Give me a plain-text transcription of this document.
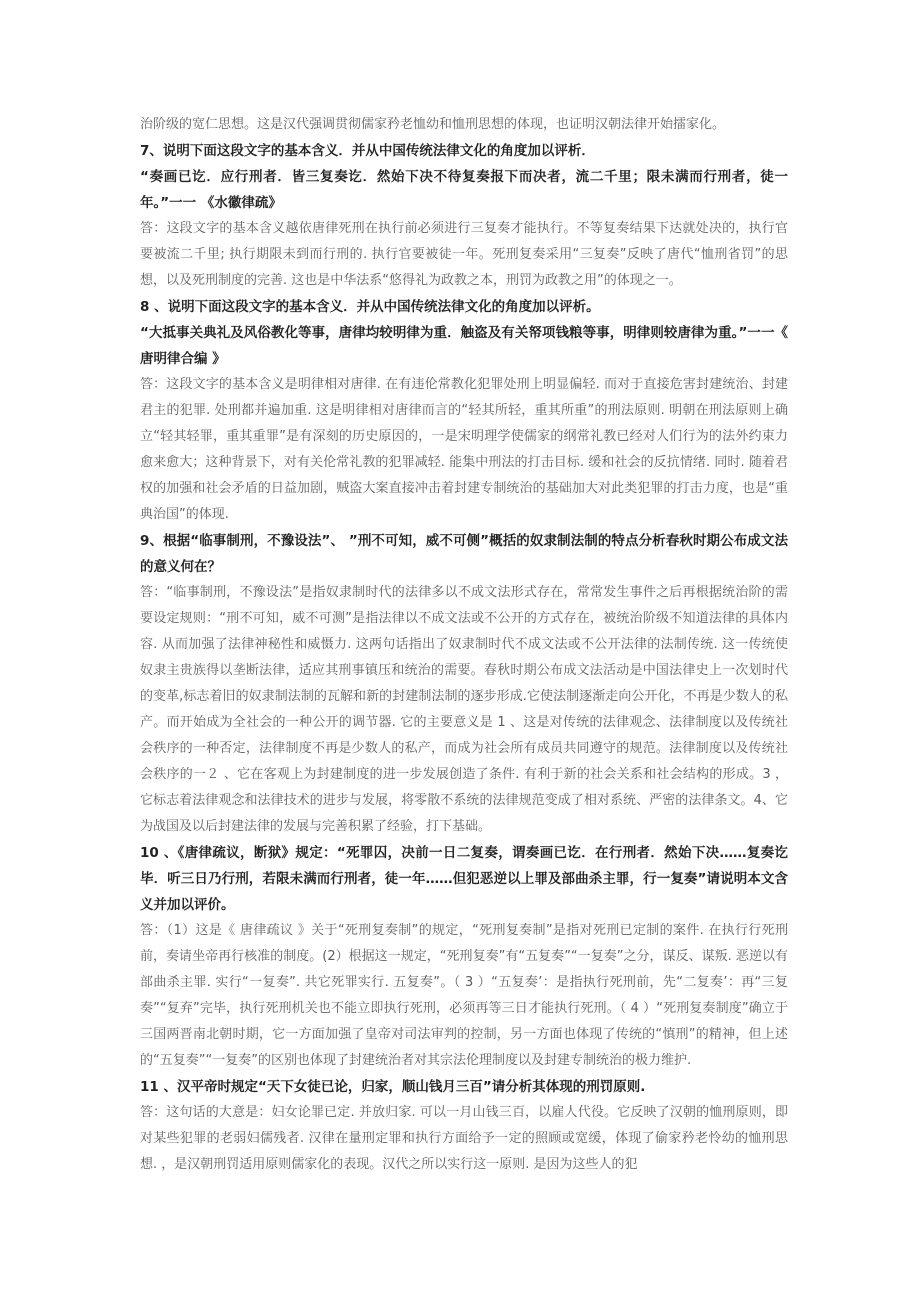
治阶级的宽仁思想。这是汉代强调贯彻儒家矜老恤幼和恤刑思想的体现，也证明汉朝法律开始擂家化。

7、说明下面这段文字的基本含义．并从中国传统法律文化的角度加以评析．

“奏画已讫．应行刑者．皆三复奏讫．然始下决不待复奏报下而决者，流二千里；限未满而行刑者，徒一年。”一一 《水徽律疏》

答：这段文字的基本含义越依唐律死刑在执行前必须进行三复奏才能执行。不等复奏结果下达就处决的，执行官要被流二千里; 执行期限未到而行刑的. 执行官要被徒一年。死刑复奏采用“三复奏”反映了唐代“恤刑省罚”的思想，以及死刑制度的完善. 这也是中华法系“悠得礼为政教之本，刑罚为政教之用”的体现之一。

8 、说明下面这段文字的基本含义．并从中国传统法律文化的角度加以评析。

“大抵事关典礼及风俗教化等事，唐律均较明律为重．触盗及有关帑项钱粮等事，明律则较唐律为重。”一一《 唐明律合编 》

答：这段文字的基本含义是明律相对唐律. 在有违伦常教化犯罪处刑上明显偏轻. 而对于直接危害封建统治、封建君主的犯罪. 处刑都并遍加重. 这是明律相对唐律而言的“轻其所轻，重其所重”的刑法原则. 明朝在刑法原则上确立“轻其轻罪，重其重罪”是有深刻的历史原因的，一是宋明理学使儒家的纲常礼教已经对人们行为的法外约束力愈来愈大；这种背景下，对有关伦常礼教的犯罪减轻. 能集中刑法的打击目标. 缓和社会的反抗情绪. 同时. 随着君权的加强和社会矛盾的日益加剧，贼盗大案直接冲击着封建专制统治的基础加大对此类犯罪的打击力度，也是“重典治国”的体现.

9、根据“临事制刑，不豫设法”、 ”刑不可知，威不可侧”概括的奴隶制法制的特点分析春秋时期公布成文法的意义何在？

答：“临事制刑，不豫设法”是指奴隶制时代的法律多以不成文法形式存在，常常发生事件之后再根据统治阶的需要设定规则：“刑不可知，威不可测”是指法律以不成文法或不公开的方式存在，被统治阶级不知道法律的具体内容. 从而加强了法律神秘性和威慑力. 这两句话指出了奴隶制时代不成文法或不公开法律的法制传统. 这一传统使奴隶主贵族得以垄断法律，适应其刑事镇压和统治的需要。春秋时期公布成文法活动是中国法律史上一次划时代的变革,标志着旧的奴隶制法制的瓦解和新的封建制法制的逐步形成.它使法制逐渐走向公开化，不再是少数人的私产。而开始成为全社会的一种公开的调节器. 它的主要意义是 1 、这是对传统的法律观念、法律制度以及传统社会秩序的一种否定，法律制度不再是少数人的私产，而成为社会所有成员共同遵守的规范。法律制度以及传统社会秩序的一２ 、它在客观上为封建制度的进一步发展创造了条件. 有利于新的社会关系和社会结构的形成。3 ，它标志着法律观念和法律技术的进步与发展，将零散不系统的法律规范变成了相对系统、严密的法律条文。4、它为战国及以后封建法律的发展与完善积累了经验，打下基础。

10 、《唐律疏议，断狱》规定：“死罪囚，决前一日二复奏，谓奏画已讫．在行刑者．然始下决……复奏讫毕．听三日乃行刑，若限未满而行刑者，徒一年……但犯恶逆以上罪及部曲杀主罪，行一复奏”请说明本文含义并加以评价。

答：（1）这是《 唐律疏议 》关于“死刑复奏制”的规定，“死刑复奏制”是指对死刑已定制的案件. 在执行行死刑前，奏请坐帝再行核准的制度。(2）根据这一规定，“死刑复奏”有“五复奏”“一复奏”之分，谋反、谋叛. 恶逆以有部曲杀主罪. 实行“一复奏”. 共它死罪实行. 五复奏”。（ 3 ）“五复奏’：是指执行死刑前，先“二复奏’：再“三复奏”“复弃”完毕，执行死刑机关也不能立即执行死刑，必须再等三日才能执行死刑。（ 4 ）“死刑复奏制度”确立于三国两晋南北朝时期，它一方面加强了皇帝对司法审判的控制，另一方面也体现了传统的“慎刑”的精神，但上述的“五复奏”“一复奏”的区别也体现了封建统治者对其宗法伦理制度以及封建专制统治的极力维护.

11 、汉平帝时规定“天下女徒已论，归家，顺山钱月三百”请分析其体现的刑罚原则.

答：这句话的大意是：妇女论罪已定. 并放归家. 可以一月山钱三百，以雇人代役。它反映了汉朝的恤刑原则，即对某些犯罪的老弱妇儒残者. 汉律在量刑定罪和执行方面给予一定的照顾或宽缓，体现了偷家矜老怜幼的恤刑思想. ，是汉朝刑罚适用原则儒家化的表现。汉代之所以实行这一原则. 是因为这些人的犯
